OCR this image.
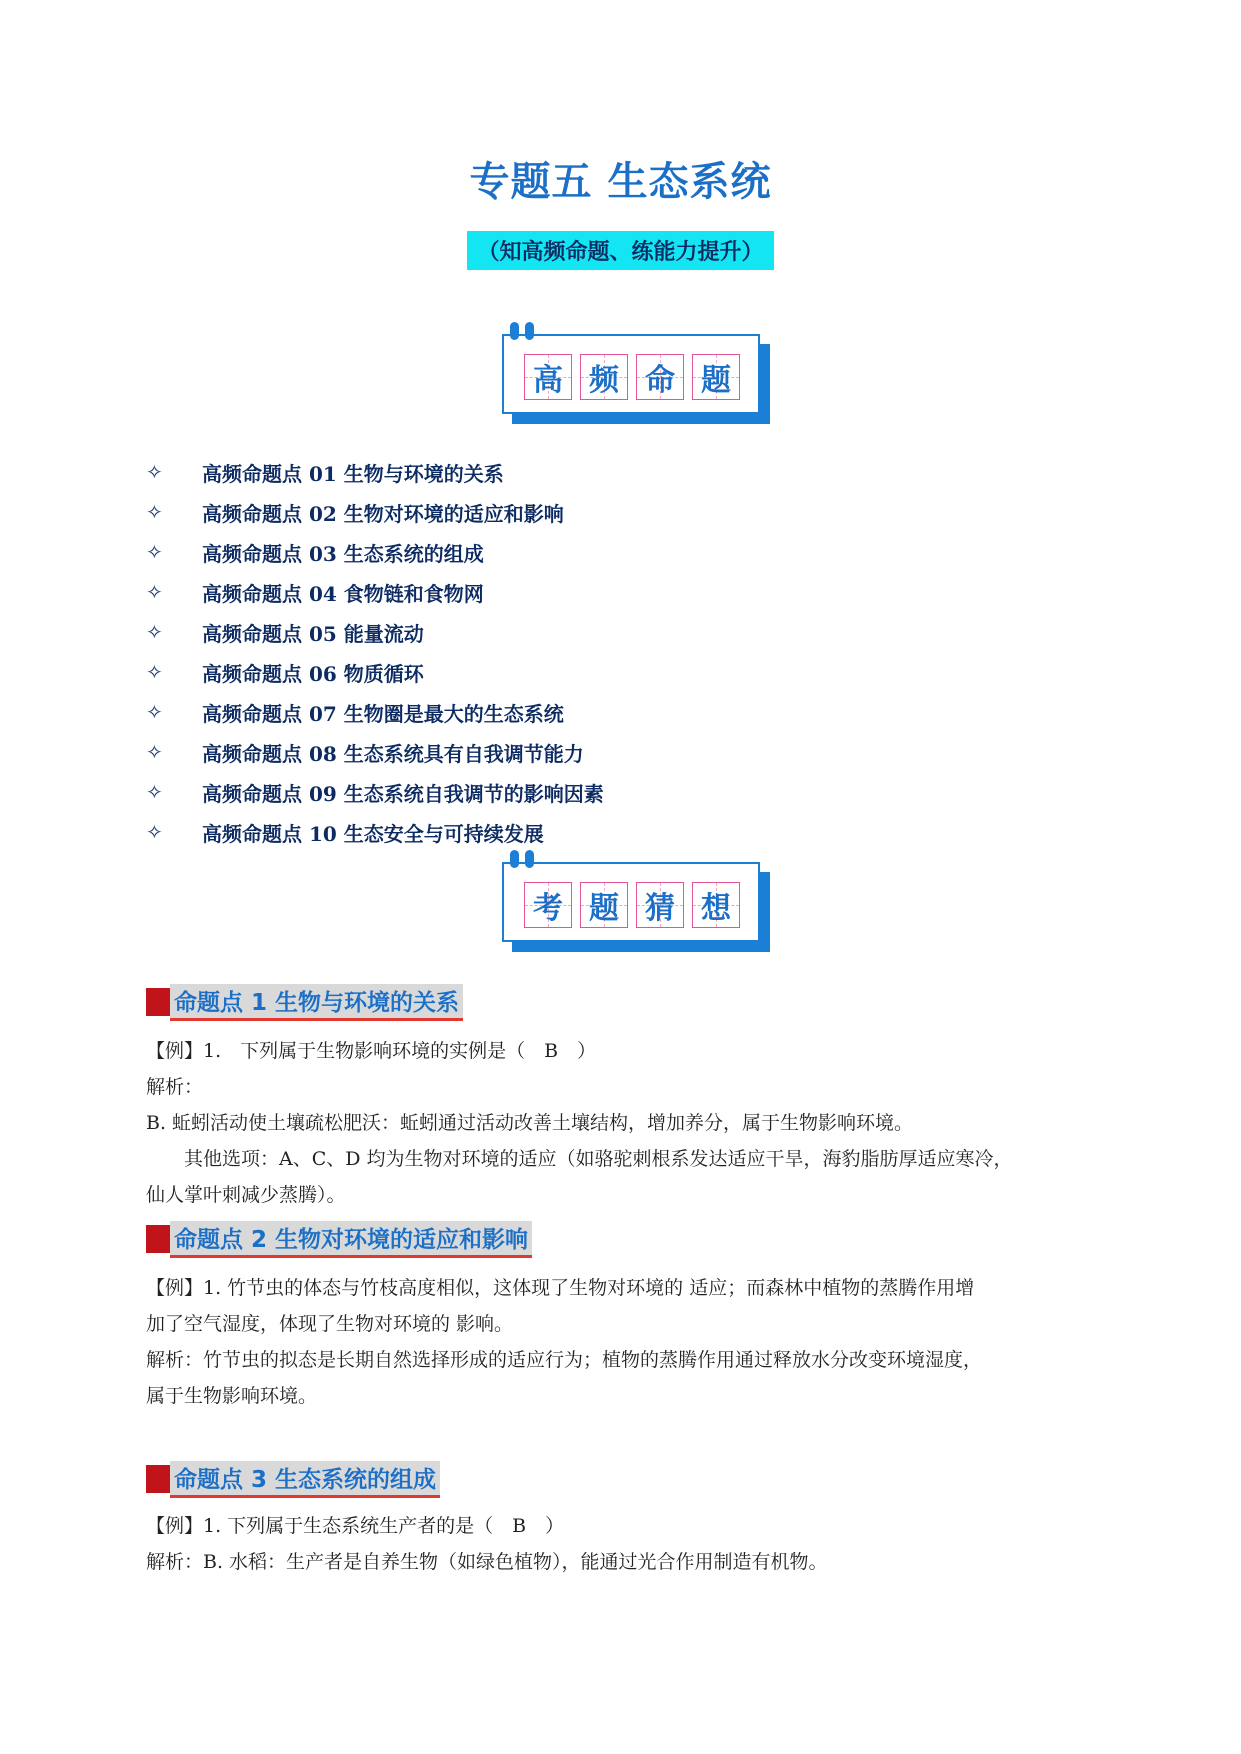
专题五 生态系统
（知高频命题、练能力提升）
高 频 命 题
✧	高频命题点 01 生物与环境的关系
✧	高频命题点 02 生物对环境的适应和影响
✧	高频命题点 03 生态系统的组成
✧	高频命题点 04 食物链和食物网
✧	高频命题点 05 能量流动
✧	高频命题点 06 物质循环
✧	高频命题点 07 生物圈是最大的生态系统
✧	高频命题点 08 生态系统具有自我调节能力
✧	高频命题点 09 生态系统自我调节的影响因素
✧	高频命题点 10 生态安全与可持续发展
考 题 猜 想
命题点 1 生物与环境的关系
【例】1.　下列属于生物影响环境的实例是（　B　）
解析：
B. 蚯蚓活动使土壤疏松肥沃：蚯蚓通过活动改善土壤结构，增加养分，属于生物影响环境。
　　其他选项：A、C、D 均为生物对环境的适应（如骆驼刺根系发达适应干旱，海豹脂肪厚适应寒冷，
仙人掌叶刺减少蒸腾）。
命题点 2 生物对环境的适应和影响
【例】1. 竹节虫的体态与竹枝高度相似，这体现了生物对环境的 适应；而森林中植物的蒸腾作用增
加了空气湿度，体现了生物对环境的 影响。
解析：竹节虫的拟态是长期自然选择形成的适应行为；植物的蒸腾作用通过释放水分改变环境湿度，
属于生物影响环境。
命题点 3 生态系统的组成
【例】1. 下列属于生态系统生产者的是（　B　）
解析：B. 水稻：生产者是自养生物（如绿色植物），能通过光合作用制造有机物。
